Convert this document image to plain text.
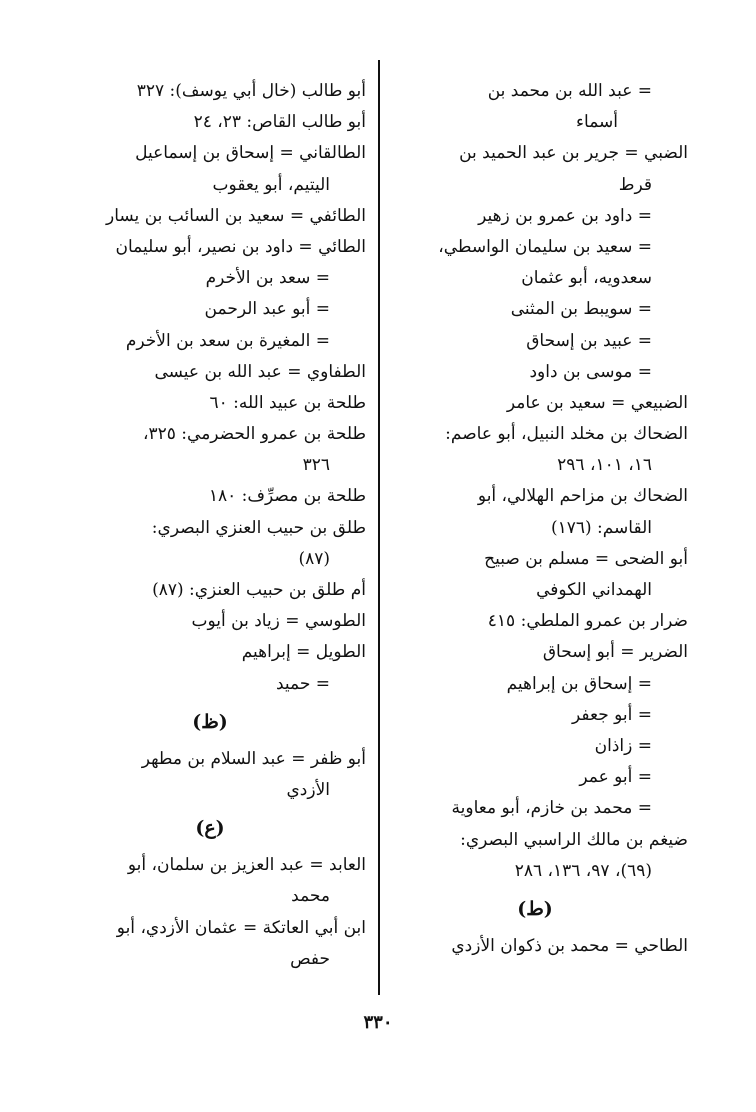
= عبد الله بن محمد بن
أسماء
الضبي = جرير بن عبد الحميد بن
قرط
= داود بن عمرو بن زهير
= سعيد بن سليمان الواسطي،
سعدويه، أبو عثمان
= سويبط بن المثنى
= عبيد بن إسحاق
= موسى بن داود
الضبيعي = سعيد بن عامر
الضحاك بن مخلد النبيل، أبو عاصم:
١٦، ١٠١، ٢٩٦
الضحاك بن مزاحم الهلالي، أبو
القاسم: (١٧٦)
أبو الضحى = مسلم بن صبيح
الهمداني الكوفي
ضرار بن عمرو الملطي: ٤١٥
الضرير = أبو إسحاق
= إسحاق بن إبراهيم
= أبو جعفر
= زاذان
= أبو عمر
= محمد بن خازم، أبو معاوية
ضيغم بن مالك الراسبي البصري:
(٦٩)، ٩٧، ١٣٦، ٢٨٦
(ط)
الطاحي = محمد بن ذكوان الأزدي
أبو طالب (خال أبي يوسف): ٣٢٧
أبو طالب القاص: ٢٣، ٢٤
الطالقاني = إسحاق بن إسماعيل
اليتيم، أبو يعقوب
الطائفي = سعيد بن السائب بن يسار
الطائي = داود بن نصير، أبو سليمان
= سعد بن الأخرم
= أبو عبد الرحمن
= المغيرة بن سعد بن الأخرم
الطفاوي = عبد الله بن عيسى
طلحة بن عبيد الله: ٦٠
طلحة بن عمرو الحضرمي: ٣٢٥،
٣٢٦
طلحة بن مصرِّف: ١٨٠
طلق بن حبيب العنزي البصري:
(٨٧)
أم طلق بن حبيب العنزي: (٨٧)
الطوسي = زياد بن أيوب
الطويل = إبراهيم
= حميد
(ظ)
أبو ظفر = عبد السلام بن مطهر
الأزدي
(ع)
العابد = عبد العزيز بن سلمان، أبو
محمد
ابن أبي العاتكة = عثمان الأزدي، أبو
حفص
٣٣٠
